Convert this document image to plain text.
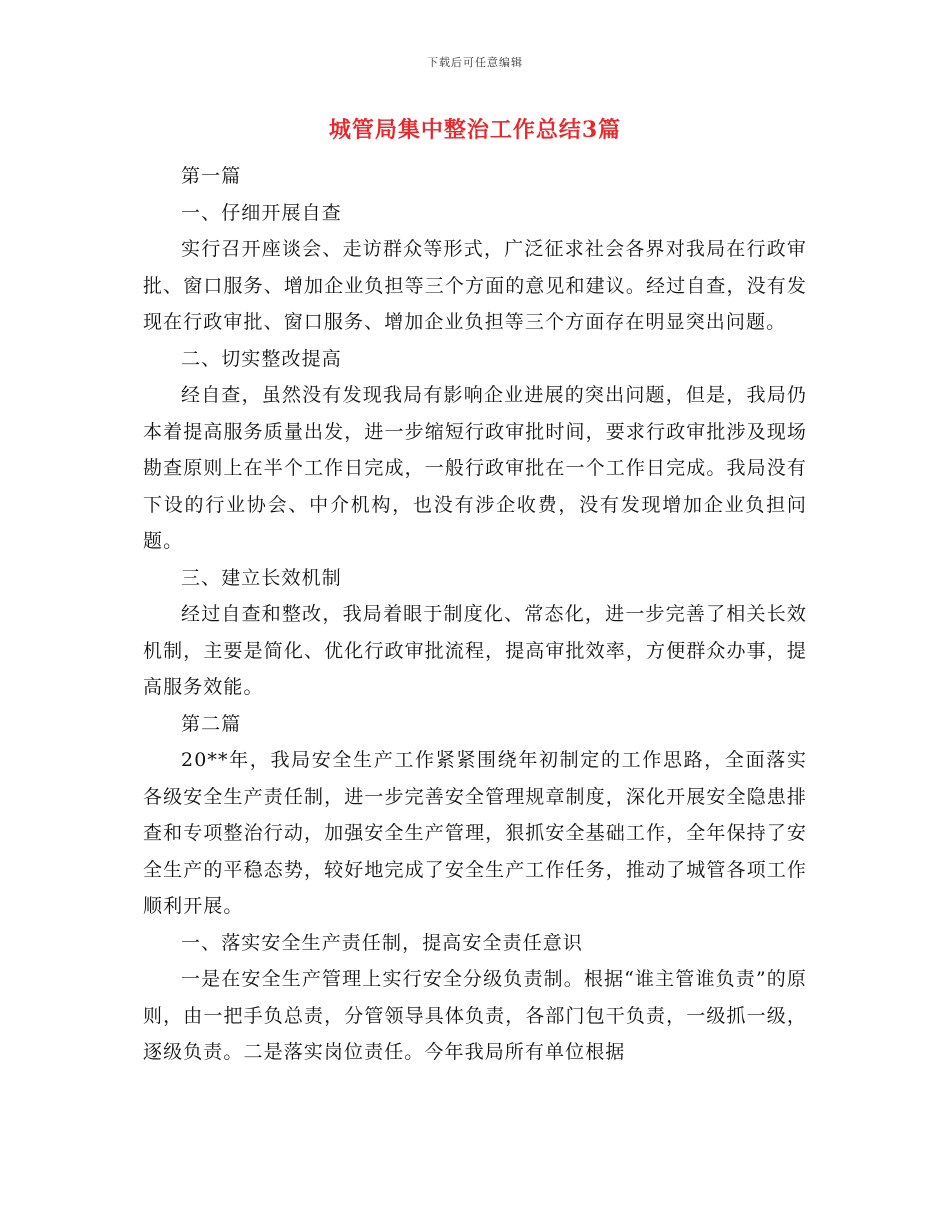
下载后可任意编辑
城管局集中整治工作总结3篇

第一篇

一、仔细开展自查

实行召开座谈会、走访群众等形式，广泛征求社会各界对我局在行政审批、窗口服务、增加企业负担等三个方面的意见和建议。经过自查，没有发现在行政审批、窗口服务、增加企业负担等三个方面存在明显突出问题。

二、切实整改提高

经自查，虽然没有发现我局有影响企业进展的突出问题，但是，我局仍本着提高服务质量出发，进一步缩短行政审批时间，要求行政审批涉及现场勘查原则上在半个工作日完成，一般行政审批在一个工作日完成。我局没有下设的行业协会、中介机构，也没有涉企收费，没有发现增加企业负担问题。

三、建立长效机制

经过自查和整改，我局着眼于制度化、常态化，进一步完善了相关长效机制，主要是简化、优化行政审批流程，提高审批效率，方便群众办事，提高服务效能。

第二篇

20**年，我局安全生产工作紧紧围绕年初制定的工作思路，全面落实各级安全生产责任制，进一步完善安全管理规章制度，深化开展安全隐患排查和专项整治行动，加强安全生产管理，狠抓安全基础工作，全年保持了安全生产的平稳态势，较好地完成了安全生产工作任务，推动了城管各项工作顺利开展。

一、落实安全生产责任制，提高安全责任意识

一是在安全生产管理上实行安全分级负责制。根据“谁主管谁负责”的原则，由一把手负总责，分管领导具体负责，各部门包干负责，一级抓一级，逐级负责。二是落实岗位责任。今年我局所有单位根据
